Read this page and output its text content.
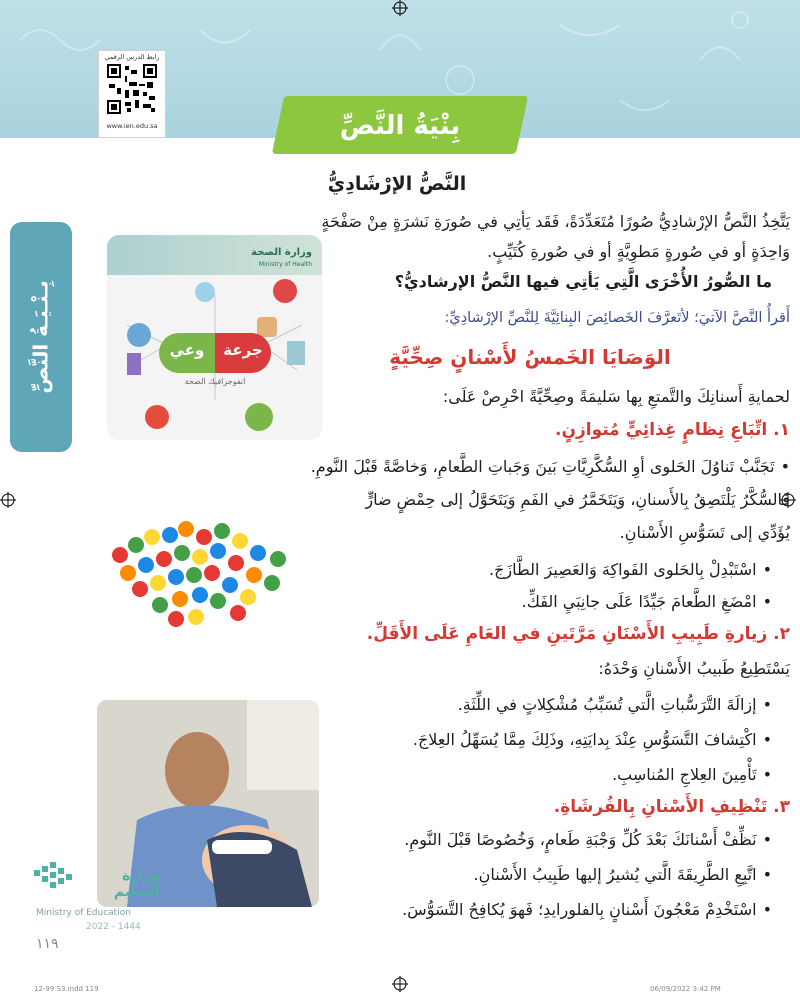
رابط الدرس الرقمي
www.ien.edu.sa	بِنْيَةُ النَّصِّ
بِـنْـيَـةُ النَّصِّ
النَّصُّ الإرْشَادِيُّ
يَتَّخِذُ النَّصُّ الإرْشادِيُّ صُورًا مُتَعَدِّدَةً، فَقَد يَأتِي في صُورَةِ نَشرَةٍ مِنْ صَفْحَةٍ
وَاحِدَةٍ أو في صُورةٍ مَطوِيَّةٍ أو في صُورةِ كُتَيِّبٍ.
ما الصُّورُ الأُخْرَى الَّتِي يَأتِي فيها النَّصُّ الإرشاديُّ؟
أَقرأُ النَّصَّ الآتيَ؛ لأتَعرَّفَ الخَصائِصَ البِنائِيَّةَ لِلنَّصِّ الإرْشادِيِّ:
الوَصَايَا الخَمسُ لأَسْنانٍ صِحِّيَّةٍ
لحمايةِ أَسنانِكَ والتَّمتعِ بِها سَليمَةً وصِحِّيَّةً احْرِصْ عَلَى:
١. اتِّبَاعِ نِظامٍ غِذائِيٍّ مُتوازِنٍ.
• تَجَنَّبْ تَناوُلَ الحَلوى أوِ السُّكَّرِيَّاتِ بَينَ وَجَباتِ الطَّعامِ، وَخاصَّةً قَبْلَ النَّومِ.
فَالسُّكَّرُ يَلْتَصِقُ بِالأَسنانِ، وَيَتَخَمَّرُ في الفَمِ وَيَتَحَوَّلُ إلى حِمْضٍ ضارٍّ
يُؤَدِّي إلى تَسَوُّسِ الأَسْنانِ.
• اسْتَبْدِلْ بِالحَلوى الفَواكِهَ وَالعَصِيرَ الطَّازَجَ.
• امْضَغِ الطَّعامَ جَيِّدًا عَلَى جانِبَيِ الفَكِّ.
٢. زيارةِ طَبِيبِ الأَسْنَانِ مَرَّتَينِ في العَامِ عَلَى الأَقَلِّ.
يَسْتَطِيعُ طَبيبُ الأَسْنانِ وَحْدَهُ:
• إزالَةَ التَّرَسُّباتِ الَّتي تُسَبِّبُ مُشْكِلاتٍ في اللِّثَةِ.
• اكْتِشافَ التَّسَوُّسِ عِنْدَ بِدايَتِهِ، وذَلِكَ مِمَّا يُسَهِّلُ العِلاجَ.
• تَأْمِينَ العِلاجِ المُناسِبِ.
٣. تَنْظِيفِ الأَسْنانِ بِالفُرشَاةِ.
• نَظِّفْ أَسْنانَكَ بَعْدَ كُلِّ وَجْبَةِ طَعامٍ، وَخُصُوصًا قَبْلَ النَّومِ.
• اتَّبِعِ الطَّرِيقَةَ الَّتي يُشيرُ إليها طَبِيبُ الأَسْنانِ.
• اسْتَخْدِمْ مَعْجُونَ أَسْنانٍ بِالفلورايدِ؛ فَهوَ يُكافِحُ التَّسَوُّسَ.
وزارة الصحة
Ministry of Health
وعي	جرعة
انفوجرافيك الصحة
وزارة التعليم
Ministry of Education
2022 - 1444
١١٩
12-99 S3.indd 119	06/09/2022 3:42 PM
